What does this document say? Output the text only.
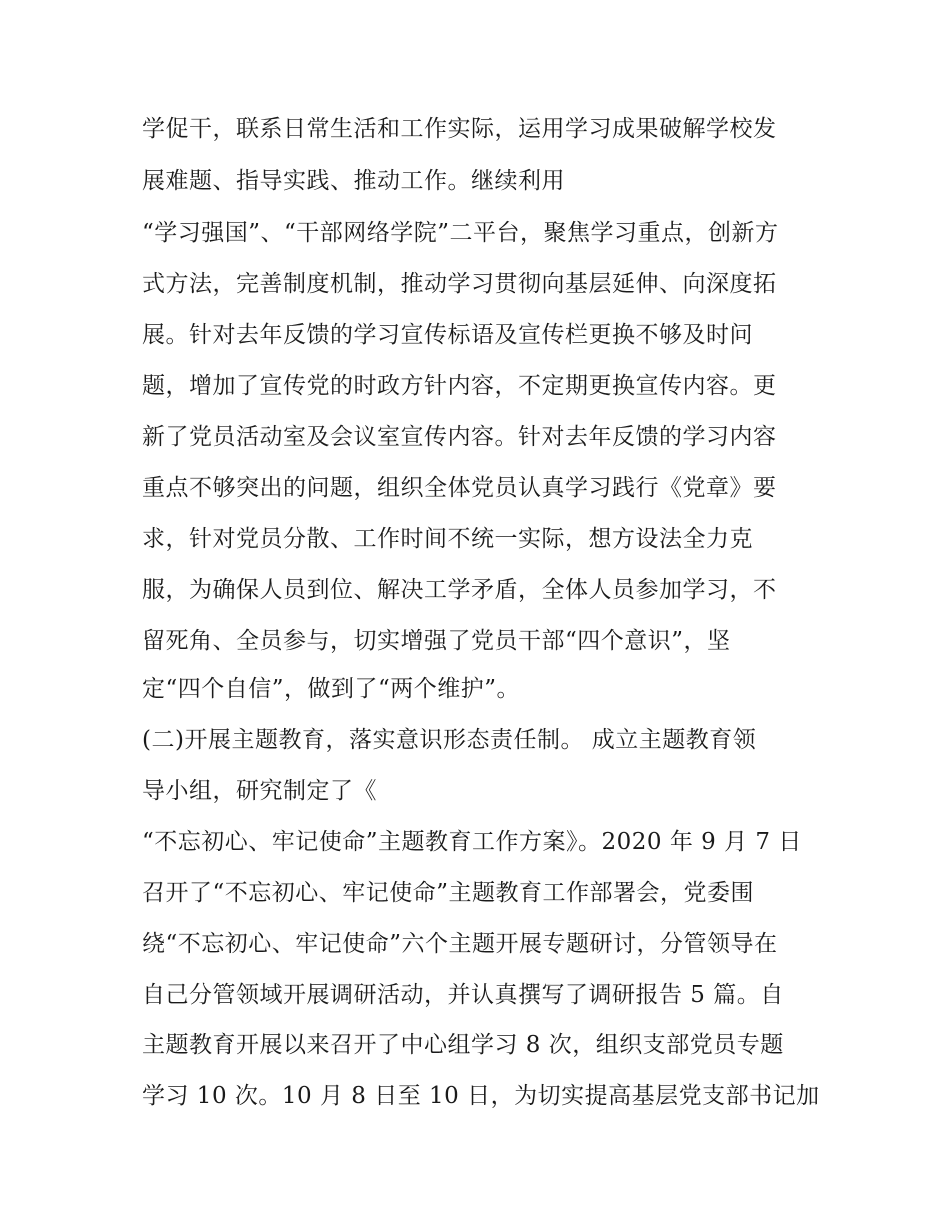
学促干，联系日常生活和工作实际，运用学习成果破解学校发
展难题、指导实践、推动工作。继续利用
“学习强国”、“干部网络学院”二平台，聚焦学习重点，创新方
式方法，完善制度机制，推动学习贯彻向基层延伸、向深度拓
展。针对去年反馈的学习宣传标语及宣传栏更换不够及时问
题，增加了宣传党的时政方针内容，不定期更换宣传内容。更
新了党员活动室及会议室宣传内容。针对去年反馈的学习内容
重点不够突出的问题，组织全体党员认真学习践行《党章》要
求，针对党员分散、工作时间不统一实际，想方设法全力克
服，为确保人员到位、解决工学矛盾，全体人员参加学习，不
留死角、全员参与，切实增强了党员干部“四个意识”，坚
定“四个自信”，做到了“两个维护”。
(二)开展主题教育，落实意识形态责任制。 成立主题教育领
导小组，研究制定了《
“不忘初心、牢记使命”主题教育工作方案》。2020 年 9 月 7 日
召开了“不忘初心、牢记使命”主题教育工作部署会，党委围
绕“不忘初心、牢记使命”六个主题开展专题研讨，分管领导在
自己分管领域开展调研活动，并认真撰写了调研报告 5 篇。自
主题教育开展以来召开了中心组学习 8 次，组织支部党员专题
学习 10 次。10 月 8 日至 10 日，为切实提高基层党支部书记加
